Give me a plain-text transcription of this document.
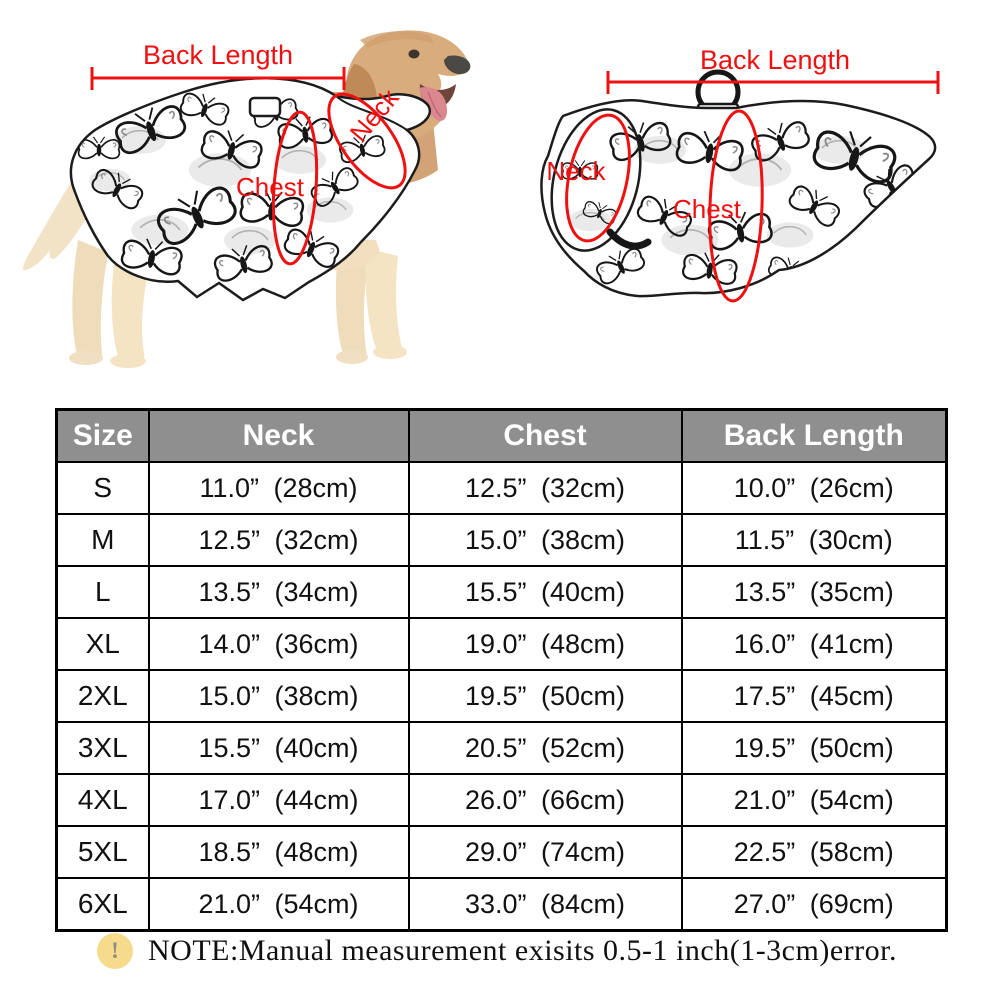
Back Length
Neck
Chest
Back Length
Neck
Chest
Size	Neck	Chest	Back Length
S	11.0” (28cm)	12.5” (32cm)	10.0” (26cm)
M	12.5” (32cm)	15.0” (38cm)	11.5” (30cm)
L	13.5” (34cm)	15.5” (40cm)	13.5” (35cm)
XL	14.0” (36cm)	19.0” (48cm)	16.0” (41cm)
2XL	15.0” (38cm)	19.5” (50cm)	17.5” (45cm)
3XL	15.5” (40cm)	20.5” (52cm)	19.5” (50cm)
4XL	17.0” (44cm)	26.0” (66cm)	21.0” (54cm)
5XL	18.5” (48cm)	29.0” (74cm)	22.5” (58cm)
6XL	21.0” (54cm)	33.0” (84cm)	27.0” (69cm)
! NOTE:Manual measurement exisits 0.5-1 inch(1-3cm)error.
